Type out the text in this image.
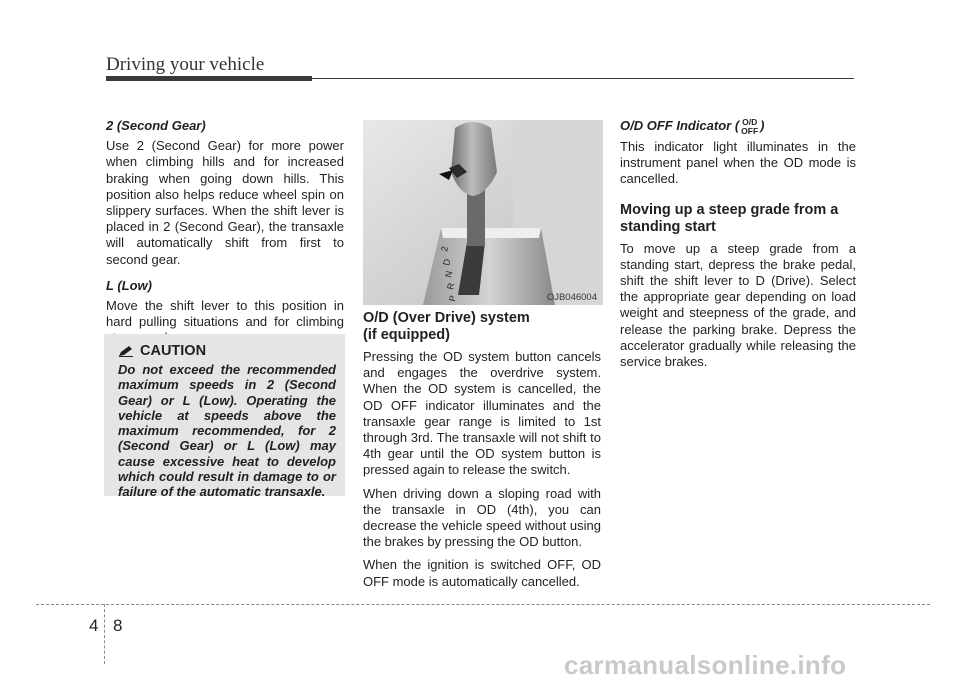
Driving your vehicle
2 (Second Gear)

Use 2 (Second Gear) for more power when climbing hills and for increased braking when going down hills. This position also helps reduce wheel spin on slippery surfaces. When the shift lever is placed in 2 (Second Gear), the transaxle will automatically shift from first to second gear.

L (Low)

Move the shift lever to this position in hard pulling situations and for climbing

CAUTION
Do not exceed the recommended maximum speeds in 2 (Second Gear) or L (Low). Operating the vehicle at speeds above the maximum recommended, for 2 (Second Gear) or L (Low) may cause excessive heat to develop which could result in damage to or failure of the automatic transaxle.
2
D
N
R
P	OJB046004
O/D (Over Drive) system
(if equipped)

Pressing the OD system button cancels and engages the overdrive system. When the OD system is cancelled, the OD OFF indicator illuminates and the transaxle gear range is limited to 1st through 3rd. The transaxle will not shift to 4th gear until the OD system button is pressed again to release the switch.

When driving down a sloping road with the transaxle in OD (4th), you can decrease the vehicle speed without using the brakes by pressing the OD button.

When the ignition is switched OFF, OD OFF mode is automatically cancelled.

O/D OFF Indicator ( O/D
OFF )

This indicator light illuminates in the instrument panel when the OD mode is cancelled.

Moving up a steep grade from a standing start

To move up a steep grade from a standing start, depress the brake pedal, shift the shift lever to D (Drive). Select the appropriate gear depending on load weight and steepness of the grade, and release the parking brake. Depress the accelerator gradually while releasing the service brakes.

4 8
carmanualsonline.info
